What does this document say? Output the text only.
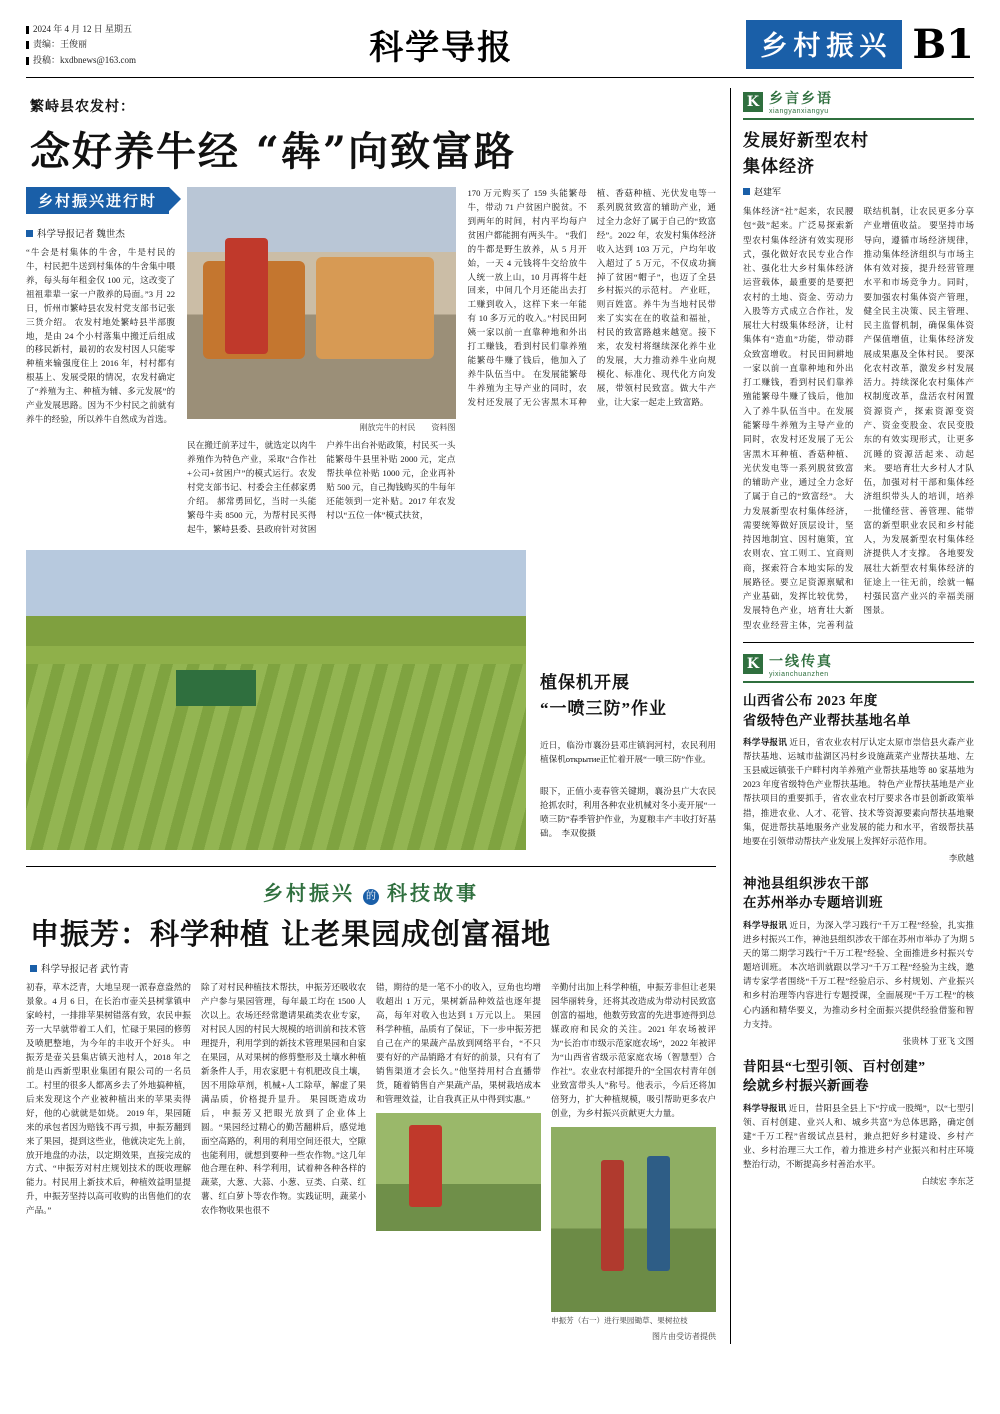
2024 年 4 月 12 日 星期五
责编：王俊丽
投稿：kxdbnews@163.com	科学导报	乡村振兴 B1
繁峙县农发村：
念好养牛经 “犇”向致富路
乡村振兴进行时
科学导报记者 魏世杰
“牛会是村集体的牛舍，牛是村民的牛，村民把牛送到村集体的牛舍集中喂养，每头每年租金仅 100 元，这改变了祖祖辈辈一家一户散养的局面。”3 月 22 日，忻州市繁峙县农发村党支部书记张三货介绍。 农发村地处繁峙县半部腹地，是由 24 个小村落集中搬迁后组成的移民新村，最初的农发村因人只能零种植来输强度住上 2016 年，村村都有根基上、发展受限的情况，农发村确定了“养殖为主、种植为辅、多元发展”的产业发展思路。因为不少村民之前就有养牛的经验，所以养牛自然成为首选。
刚放完牛的村民　　资料图
民在搬迁前茅过牛，就选定以肉牛养殖作为特色产业，采取“合作社+公司+贫困户”的模式运行。农发村党支部书记、村委会主任郝家勇介绍。 郝常勇回忆，当时一头能繁母牛卖 8500 元，为帮村民买得起牛，繁峙县委、县政府针对贫困户养牛出台补贴政策，村民买一头能繁母牛县里补贴 2000 元，定点帮扶单位补贴 1000 元，企业再补贴 500 元，自己掏钱购买的牛每年还能领到一定补贴。2017 年农发村以“五位一体”模式扶贫，
170 万元购买了 159 头能繁母牛，带动 71 户贫困户脱贫。不到两年的时间，村内平均每户贫困户都能拥有两头牛。 “我们的牛都是野生放养，从 5 月开始，一天 4 元钱将牛交给放牛人统一放上山，10 月再将牛赶回来，中间几个月还能出去打工赚到收入，这样下来一年能有 10 多万元的收入。”村民田阿姨一家以前一直靠种地和外出打工赚钱，看到村民们靠养殖能繁母牛赚了钱后，他加入了养牛队伍当中。 在发展能繁母牛养殖为主导产业的同时，农发村还发展了无公害黑木耳种植、香菇种植、光伏发电等一系列脱贫致富的辅助产业，通过全力念好了属于自己的“致富经”。2022 年，农发村集体经济收入达到 103 万元，户均年收入超过了 5 万元，不仅成功摘掉了贫困“帽子”，也迈了全县乡村振兴的示范村。 产业旺，则百姓富。养牛为当地村民带来了实实在在的收益和福祉，村民的致富路越来越宽。接下来，农发村将继续深化养牛业的发展，大力推动养牛业向规模化、标准化、现代化方向发展，带领村民致富。做大牛产业，让大家一起走上致富路。
植保机开展
“一喷三防”作业
近日，临汾市襄汾县邓庄镇润河村，农民利用植保机открытие正忙着开展“一喷三防”作业。
眼下，正值小麦春管关键期，襄汾县广大农民抢抓农时，利用各种农业机械对冬小麦开展“一喷三防”春季管护作业，为夏粮丰产丰收打好基础。　李双俊摄
乡村振兴 的 科技故事
申振芳：科学种植 让老果园成创富福地
科学导报记者 武竹青
初春，草木泛青，大地呈现一派春意盎然的景象。4 月 6 日，在长治市壶关县树掌镇申家岭村，一排排苹果树错落有致，农民申振芳一大早就带着工人们，忙碌于果园的修剪及喷肥整地，为今年的丰收开个好头。 申振芳是壶关县集店镇天池村人，2018 年之前是山西新型职业集团有限公司的一名员工。村里的很多人都离乡去了外地搞种植，后来发现这个产业被种植出来的苹果卖得好，他的心就就是如烧。 2019 年，果园随来的承包者因为赔钱不再亏损，申振芳翻到来了果园，提到这些业，他就决定先上前，放开地盘的办法，以定期效果，直接完成的方式、“申振芳对村庄规划技术的既收理解能力。村民用上新技术后，种植效益明显提升，申振芳坚持以高可收购的出售他们的农产品。”
除了对村民种植技术帮扶，申振芳还吸收农产户参与果园管理，每年最工均在 1500 人次以上。农场还经常邀请果疏类农业专家，对村民人因的村民大规模的培训前和技术管理提升，利用学到的新技术管理果园和自家在果园，从对果树的修剪整形及土壤水种植新条件人手，用农家肥＋有机肥改良土壤，因不用除草剂，机械+人工除草，解虚了果满品质，价格提升显升。 果园既造成功后，申振芳又把眼光放到了企业体上圆。“果园经过精心的勤苦翻耕后，感觉地面空高路的，利用的利用空间还很大，空隙也能利用，就想到要种一些农作物。”这几年他合理在种、科学利用，试着种各种各样的蔬菜，大葱、大蒜、小葱、豆类、白菜、红薯、红白萝卜等农作物。实践证明，蔬菜小农作物收果也很不
错，期待的是一笔不小的收入，豆角也均增收超出 1 万元，果树新品种效益也逐年提高，每年对收入也达到 1 万元以上。 果园科学种植，品质有了保证，下一步申振芳把自己在产的果蔬产品放到网络平台，“不只要有好的产品销路才有好的前景，只有有了销售渠道才会长久。”他坚持用村合直播带货，随着销售自产果蔬产品，果树栽培成本和管理效益，让自我真正从中得到实惠。”
辛勤付出加上科学种植，申振芳非但让老果园华丽转身，还将其改造成为带动村民致富创富的福地，他数劳致富的先进事迹得到总媒政府和民众的关注。2021 年农场被评为“长治市市级示范家庭农场”，2022 年被评为“山西省省级示范家庭农场（智慧型）合作社”。农业农村部提升的“全国农村青年创业致富带头人”称号。他表示，今后还将加倍努力，扩大种植规模，吸引帮助更多农户创业，为乡村振兴贡献更大力量。
申振芳（右一）进行果园锄草、果树拉枝
图片由受访者提供
K 乡言乡语
xiangyanxiangyu
发展好新型农村
集体经济
赵建军
集体经济“社”起来，农民腰包“鼓”起来。广泛易探索新型农村集体经济有效实现形式，强化做好农民专业合作社、强化壮大乡村集体经济运营载体，最重要的是要把农村的土地、资金、劳动力入股等方式成立合作社，发展壮大村级集体经济，让村集体有“造血”功能，带动群众致富增收。 村民田间耕地一家以前一直靠种地和外出打工赚钱，看到村民们靠养殖能繁母牛赚了钱后，他加入了养牛队伍当中。在发展能繁母牛养殖为主导产业的同时，农发村还发展了无公害黑木耳种植、香菇种植、光伏发电等一系列脱贫致富的辅助产业，通过全力念好了属于自己的“致富经”。 大力发展新型农村集体经济，需要统筹做好顶层设计，坚持因地制宜、因村施策，宜农则农、宜工则工、宜商则商，探索符合本地实际的发展路径。要立足资源禀赋和产业基础，发挥比较优势，发展特色产业，培育壮大新型农业经营主体，完善利益联结机制，让农民更多分享产业增值收益。 要坚持市场导向，遵循市场经济规律，推动集体经济组织与市场主体有效对接，提升经营管理水平和市场竞争力。同时，要加强农村集体资产管理，健全民主决策、民主管理、民主监督机制，确保集体资产保值增值，让集体经济发展成果惠及全体村民。 要深化农村改革，激发乡村发展活力。持续深化农村集体产权制度改革，盘活农村闲置资源资产，探索资源变资产、资金变股金、农民变股东的有效实现形式，让更多沉睡的资源活起来、动起来。 要培育壮大乡村人才队伍，加强对村干部和集体经济组织带头人的培训，培养一批懂经营、善管理、能带富的新型职业农民和乡村能人，为发展新型农村集体经济提供人才支撑。 各地要发展壮大新型农村集体经济的征途上一往无前，绘就一幅村强民富产业兴的幸福美丽图景。
K 一线传真
yixianchuanzhen
山西省公布 2023 年度
省级特色产业帮扶基地名单

科学导报讯 近日，省农业农村厅认定太原市崇信县火森产业帮扶基地、运城市盐湖区冯村乡设施蔬菜产业帮扶基地、左玉县威远镇张千户畔村肉羊养殖产业帮扶基地等 80 家基地为 2023 年度省级特色产业帮扶基地。 特色产业帮扶基地是产业帮扶项目的重要抓手，省农业农村厅要求各市县创新政策举措，推进农业、人才、花管、技术等资源要素向帮扶基地聚集，促进帮扶基地服务产业发展的能力和水平，省级帮扶基地要在引领带动帮扶产业发展上发挥好示范作用。

李欣越
神池县组织涉农干部
在苏州举办专题培训班

科学导报讯 近日，为深入学习践行“千万工程”经验，扎实推进乡村振兴工作，神池县组织涉农干部在苏州市举办了为期 5 天的第二期学习践行“千万工程”经验、全面推进乡村振兴专题培训班。 本次培训就跟以学习“千万工程”经验为主线，邀请专家学者围绕“千万工程”经验启示、乡村规划、产业振兴和乡村治理等内容进行专题授课，全面展现“千万工程”的核心内涵和精华要义，为推动乡村全面振兴提供经验借鉴和智力支持。

张贵林 丁亚飞 文图
昔阳县“七型引领、百村创建”
绘就乡村振兴新画卷

科学导报讯 近日，昔阳县全县上下“拧成一股绳”，以“七型引领、百村创建、业兴人和、城乡共富”为总体思路，确定创建“千万工程”省级试点县村，兼点把好乡村建设、乡村产业、乡村治理三大工作，着力推进乡村产业振兴和村庄环境整治行动，不断提高乡村善治水平。

白续宏 李东芝
